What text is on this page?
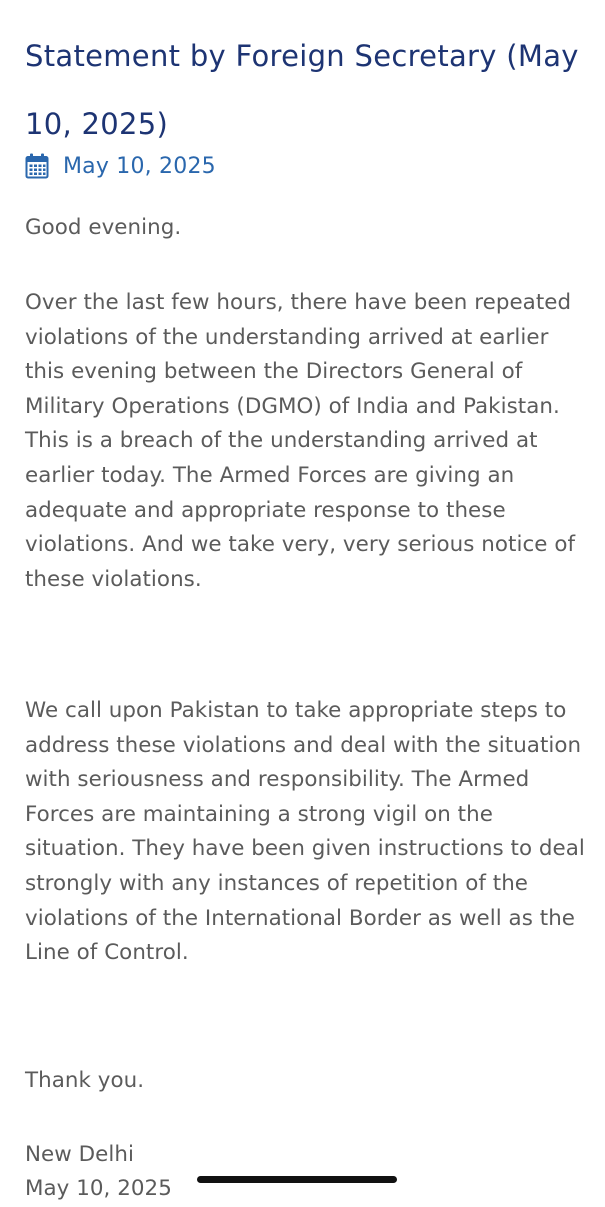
Statement by Foreign Secretary (May 10, 2025)
May 10, 2025

Good evening.

Over the last few hours, there have been repeated violations of the understanding arrived at earlier this evening between the Directors General of Military Operations (DGMO) of India and Pakistan. This is a breach of the understanding arrived at earlier today. The Armed Forces are giving an adequate and appropriate response to these violations. And we take very, very serious notice of these violations.

We call upon Pakistan to take appropriate steps to address these violations and deal with the situation with seriousness and responsibility. The Armed Forces are maintaining a strong vigil on the situation. They have been given instructions to deal strongly with any instances of repetition of the violations of the International Border as well as the Line of Control.

Thank you.

New Delhi

May 10, 2025
